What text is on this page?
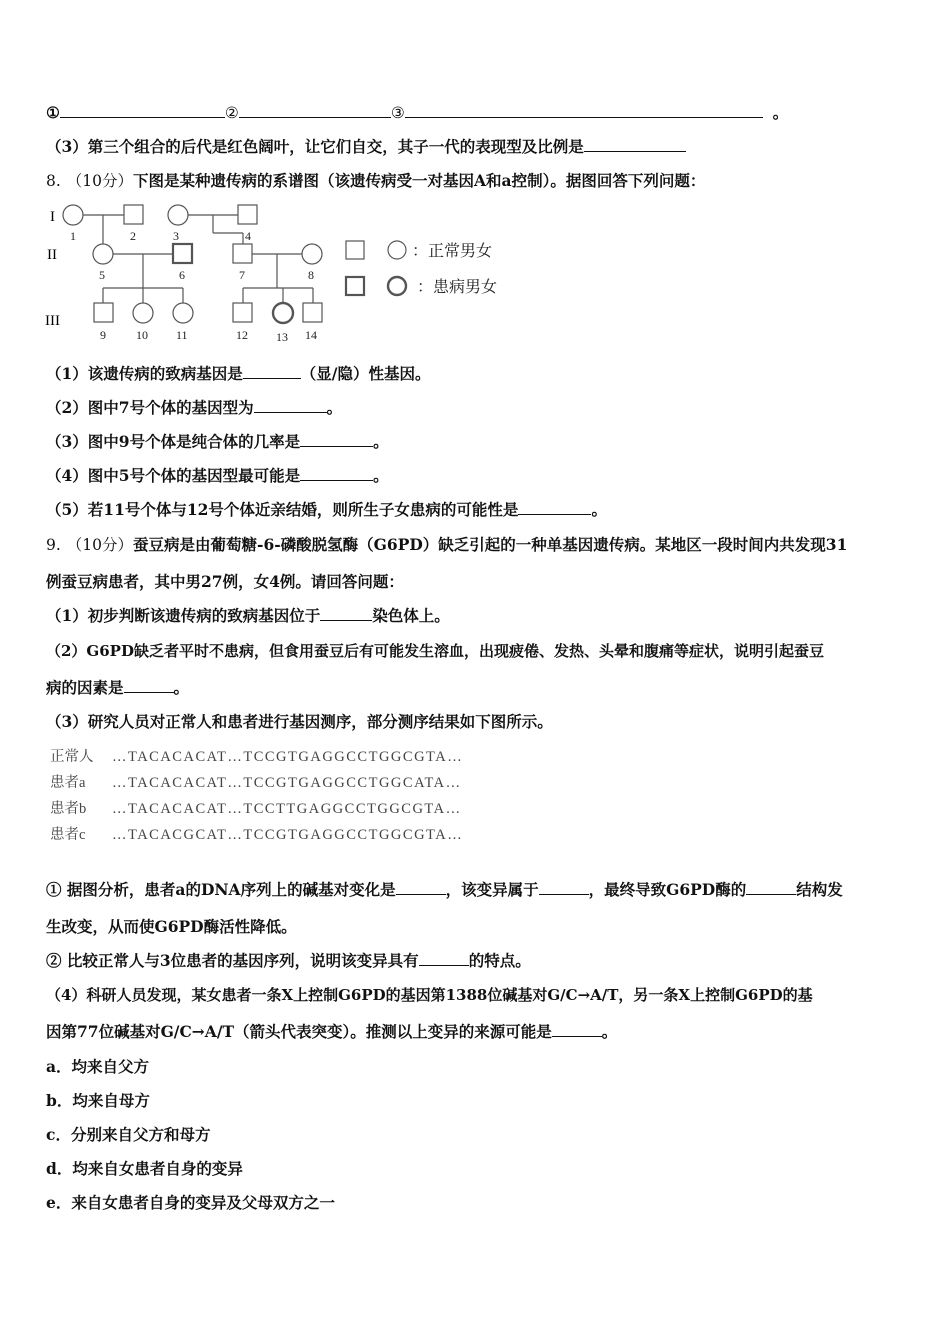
①	②	③	。
（3）第三个组合的后代是红色阔叶，让它们自交，其子一代的表现型及比例是
8. （10分）下图是某种遗传病的系谱图（该遗传病受一对基因A和a控制）。据图回答下列问题：
I
II
III
1	2	3	4
5	6	7	8
9	10 11	12 13 14
：正常男女
：患病男女
（1）该遗传病的致病基因是	（显/隐）性基因。
（2）图中7号个体的基因型为	。
（3）图中9号个体是纯合体的几率是	。
（4）图中5号个体的基因型最可能是	。
（5）若11号个体与12号个体近亲结婚，则所生子女患病的可能性是	。
9. （10分）蚕豆病是由葡萄糖-6-磷酸脱氢酶（G6PD）缺乏引起的一种单基因遗传病。某地区一段时间内共发现31
例蚕豆病患者，其中男27例，女4例。请回答问题：
（1）初步判断该遗传病的致病基因位于	染色体上。
（2）G6PD缺乏者平时不患病，但食用蚕豆后有可能发生溶血，出现疲倦、发热、头晕和腹痛等症状，说明引起蚕豆
病的因素是	。
（3）研究人员对正常人和患者进行基因测序，部分测序结果如下图所示。
正常人 …TACACACAT…TCCGTGAGGCCTGGCGTA…
患者a …TACACACAT…TCCGTGAGGCCTGGCATA…
患者b …TACACACAT…TCCTTGAGGCCTGGCGTA…
患者c …TACACGCAT…TCCGTGAGGCCTGGCGTA…
① 据图分析，患者a的DNA序列上的碱基对变化是	，该变异属于	，最终导致G6PD酶的	结构发
生改变，从而使G6PD酶活性降低。
② 比较正常人与3位患者的基因序列，说明该变异具有	的特点。
（4）科研人员发现，某女患者一条X上控制G6PD的基因第1388位碱基对G/C→A/T，另一条X上控制G6PD的基
因第77位碱基对G/C→A/T（箭头代表突变）。推测以上变异的来源可能是	。
a．均来自父方
b．均来自母方
c．分别来自父方和母方
d．均来自女患者自身的变异
e．来自女患者自身的变异及父母双方之一
